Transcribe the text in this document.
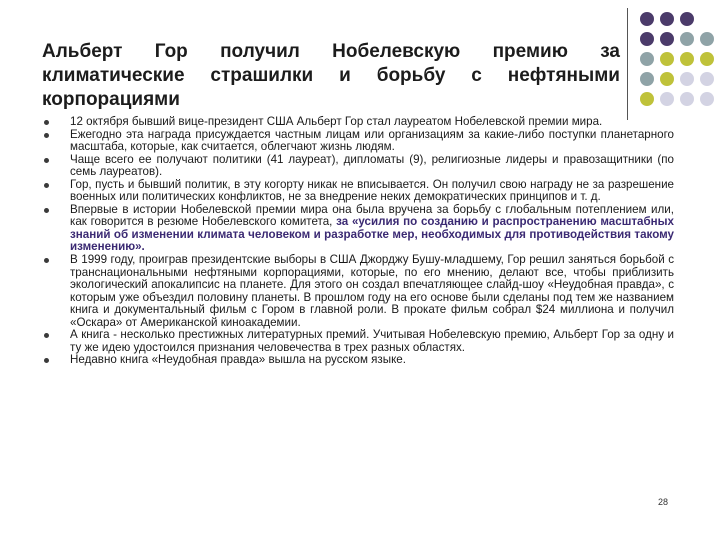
Альберт Гор получил Нобелевскую премию за
климатические страшилки и борьбу с нефтяными
корпорациями
12 октября бывший вице-президент США Альберт Гор стал лауреатом Нобелевской премии мира.
Ежегодно эта награда присуждается частным лицам или организациям за какие-либо поступки планетарного масштаба, которые, как считается, облегчают жизнь людям.
Чаще всего ее получают политики (41 лауреат), дипломаты (9), религиозные лидеры и правозащитники (по семь лауреатов).
Гор, пусть и бывший политик, в эту когорту никак не вписывается. Он получил свою награду не за разрешение военных или политических конфликтов, не за внедрение неких демократических принципов и т. д.
Впервые в истории Нобелевской премии мира она была вручена за борьбу с глобальным потеплением или, как говорится в резюме Нобелевского комитета, за «усилия по созданию и распространению масштабных знаний об изменении климата человеком и разработке мер, необходимых для противодействия такому изменению».
В 1999 году, проиграв президентские выборы в США Джорджу Бушу-младшему, Гор решил заняться борьбой с транснациональными нефтяными корпорациями, которые, по его мнению, делают все, чтобы приблизить экологический апокалипсис на планете. Для этого он создал впечатляющее слайд-шоу «Неудобная правда», с которым уже объездил половину планеты. В прошлом году на его основе были сделаны под тем же названием книга и документальный фильм с Гором в главной роли. В прокате фильм собрал $24 миллиона и получил «Оскара» от Американской киноакадемии.
А книга - несколько престижных литературных премий. Учитывая Нобелевскую премию, Альберт Гор за одну и ту же идею удостоился признания человечества в трех разных областях.
Недавно книга «Неудобная правда» вышла на русском языке.
28
